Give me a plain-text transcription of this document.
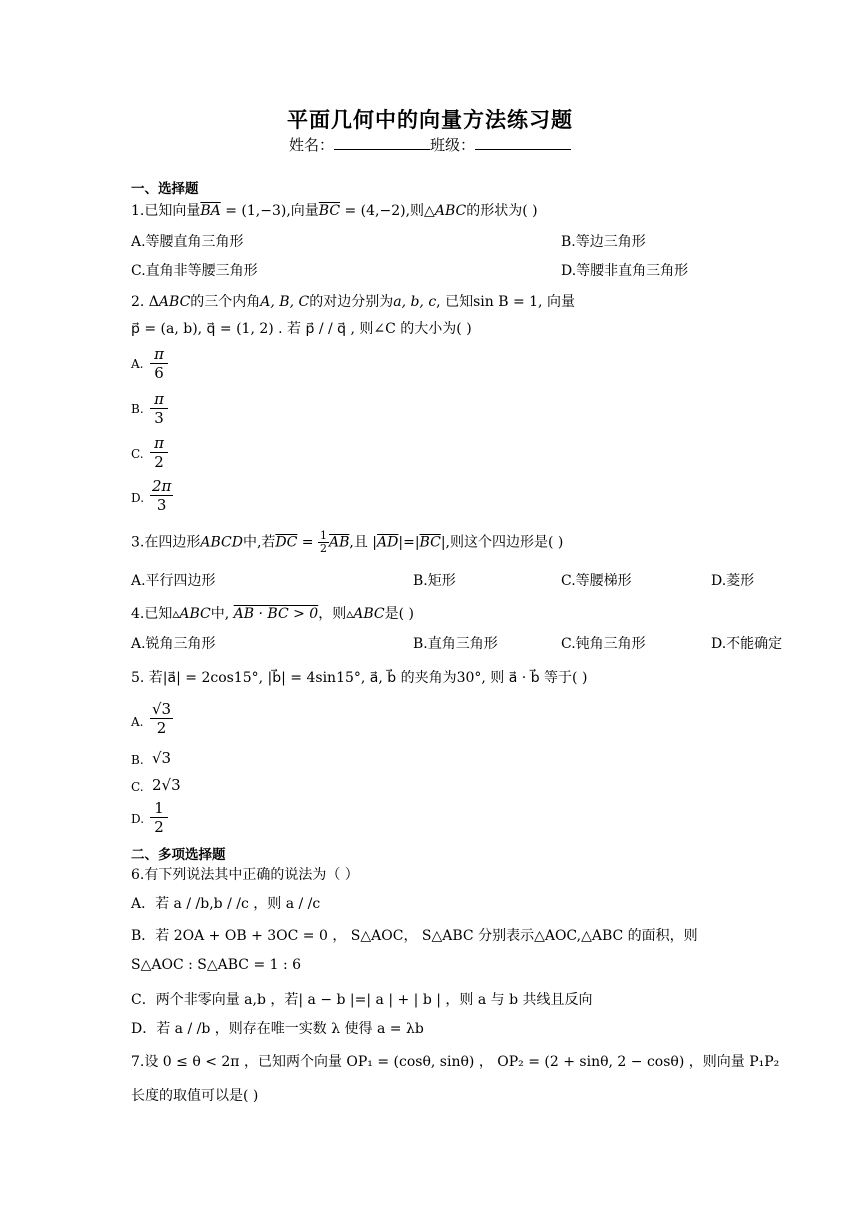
平面几何中的向量方法练习题
姓名：	班级：
一、选择题
1.已知向量$\overline{BA} = (1,-3)$,向量$\overline{BC} = (4,-2)$,则△ABC的形状为( )
A.等腰直角三角形	B.等边三角形
C.直角非等腰三角形	D.等腰非直角三角形
2. ΔABC的三个内角A, B, C的对边分别为a, b, c, 已知sin B = 1, 向量
p⃗ = (a, b), q⃗ = (1, 2) . 若 p⃗ / / q⃗ , 则∠C 的大小为( )
A. $\frac{\pi}{6}$
B. $\frac{\pi}{3}$
C. $\frac{\pi}{2}$
D. $\frac{2\pi}{3}$
3.在四边形ABCD中,若$\overline{DC} = \frac{1}{2} \overline{AB}$,且 $|\overline{AD}|=|\overline{BC}|$,则这个四边形是( )
A.平行四边形	B.矩形	C.等腰梯形	D.菱形
4.已知▵ABC中, AB · BC > 0，则▵ABC是( )
A.锐角三角形	B.直角三角形	C.钝角三角形	D.不能确定
5. 若|a⃗| = 2cos15°, |b⃗| = 4sin15°, a⃗, b⃗ 的夹角为30°, 则 a⃗ · b⃗ 等于( )
A. $\frac{√3}{2}$
B. √3
C. 2√3
D. $\frac{1}{2}$
二、多项选择题
6.有下列说法其中正确的说法为（ ）
A．若 a / /b,b / /c ，则 a / /c
B．若 2OA + OB + 3OC = 0 ， S△AOC， S△ABC 分别表示△AOC,△ABC 的面积，则
S△AOC : S△ABC = 1 : 6
C．两个非零向量 a,b ，若| a − b |=| a | + | b | ，则 a 与 b 共线且反向
D．若 a / /b ，则存在唯一实数 λ 使得 a = λb
7.设 0 ≤ θ < 2π ，已知两个向量 OP₁ = (cosθ, sinθ) ， OP₂ = (2 + sinθ, 2 − cosθ) ，则向量 P₁P₂
长度的取值可以是( )
